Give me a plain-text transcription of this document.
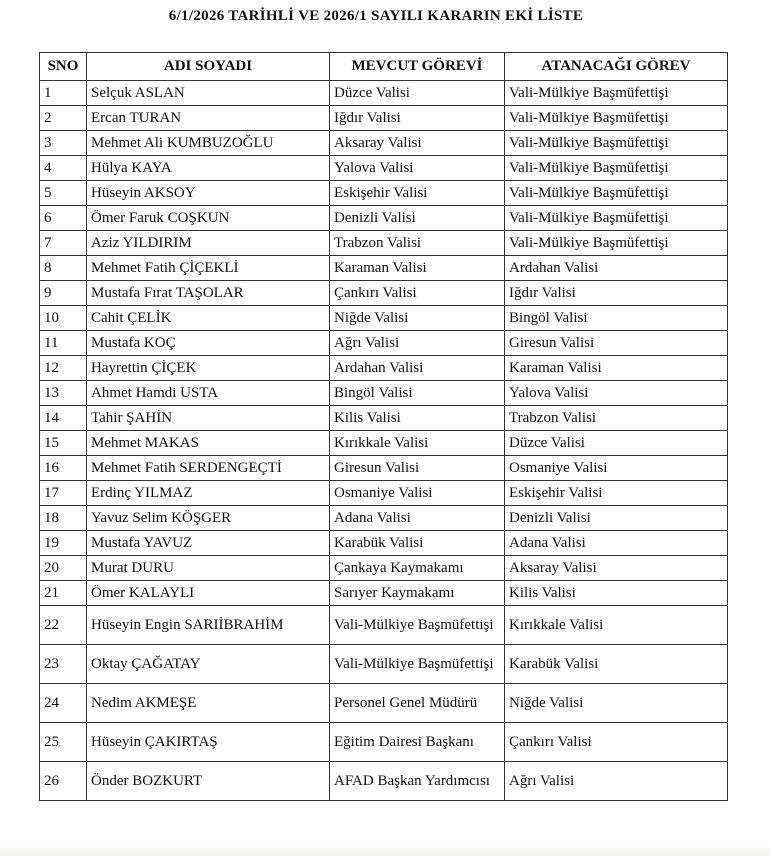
6/1/2026 TARİHLİ VE 2026/1 SAYILI KARARIN EKİ LİSTE
SNO	ADI SOYADI	MEVCUT GÖREVİ	ATANACAĞI GÖREV
1	Selçuk ASLAN	Düzce Valisi	Vali-Mülkiye Başmüfettişi
2	Ercan TURAN	Iğdır Valisi	Vali-Mülkiye Başmüfettişi
3	Mehmet Ali KUMBUZOĞLU	Aksaray Valisi	Vali-Mülkiye Başmüfettişi
4	Hülya KAYA	Yalova Valisi	Vali-Mülkiye Başmüfettişi
5	Hüseyin AKSOY	Eskişehir Valisi	Vali-Mülkiye Başmüfettişi
6	Ömer Faruk COŞKUN	Denizli Valisi	Vali-Mülkiye Başmüfettişi
7	Aziz YILDIRIM	Trabzon Valisi	Vali-Mülkiye Başmüfettişi
8	Mehmet Fatih ÇİÇEKLİ	Karaman Valisi	Ardahan Valisi
9	Mustafa Fırat TAŞOLAR	Çankırı Valisi	Iğdır Valisi
10	Cahit ÇELİK	Niğde Valisi	Bingöl Valisi
11	Mustafa KOÇ	Ağrı Valisi	Giresun Valisi
12	Hayrettin ÇİÇEK	Ardahan Valisi	Karaman Valisi
13	Ahmet Hamdi USTA	Bingöl Valisi	Yalova Valisi
14	Tahir ŞAHİN	Kilis Valisi	Trabzon Valisi
15	Mehmet MAKAS	Kırıkkale Valisi	Düzce Valisi
16	Mehmet Fatih SERDENGEÇTİ	Giresun Valisi	Osmaniye Valisi
17	Erdinç YILMAZ	Osmaniye Valisi	Eskişehir Valisi
18	Yavuz Selim KÖŞGER	Adana Valisi	Denizli Valisi
19	Mustafa YAVUZ	Karabük Valisi	Adana Valisi
20	Murat DURU	Çankaya Kaymakamı	Aksaray Valisi
21	Ömer KALAYLI	Sarıyer Kaymakamı	Kilis Valisi
22	Hüseyin Engin SARIİBRAHİM	Vali-Mülkiye Başmüfettişi	Kırıkkale Valisi
23	Oktay ÇAĞATAY	Vali-Mülkiye Başmüfettişi	Karabük Valisi
24	Nedim AKMEŞE	Personel Genel Müdürü	Niğde Valisi
25	Hüseyin ÇAKIRTAŞ	Eğitim Dairesi Başkanı	Çankırı Valisi
26	Önder BOZKURT	AFAD Başkan Yardımcısı	Ağrı Valisi
